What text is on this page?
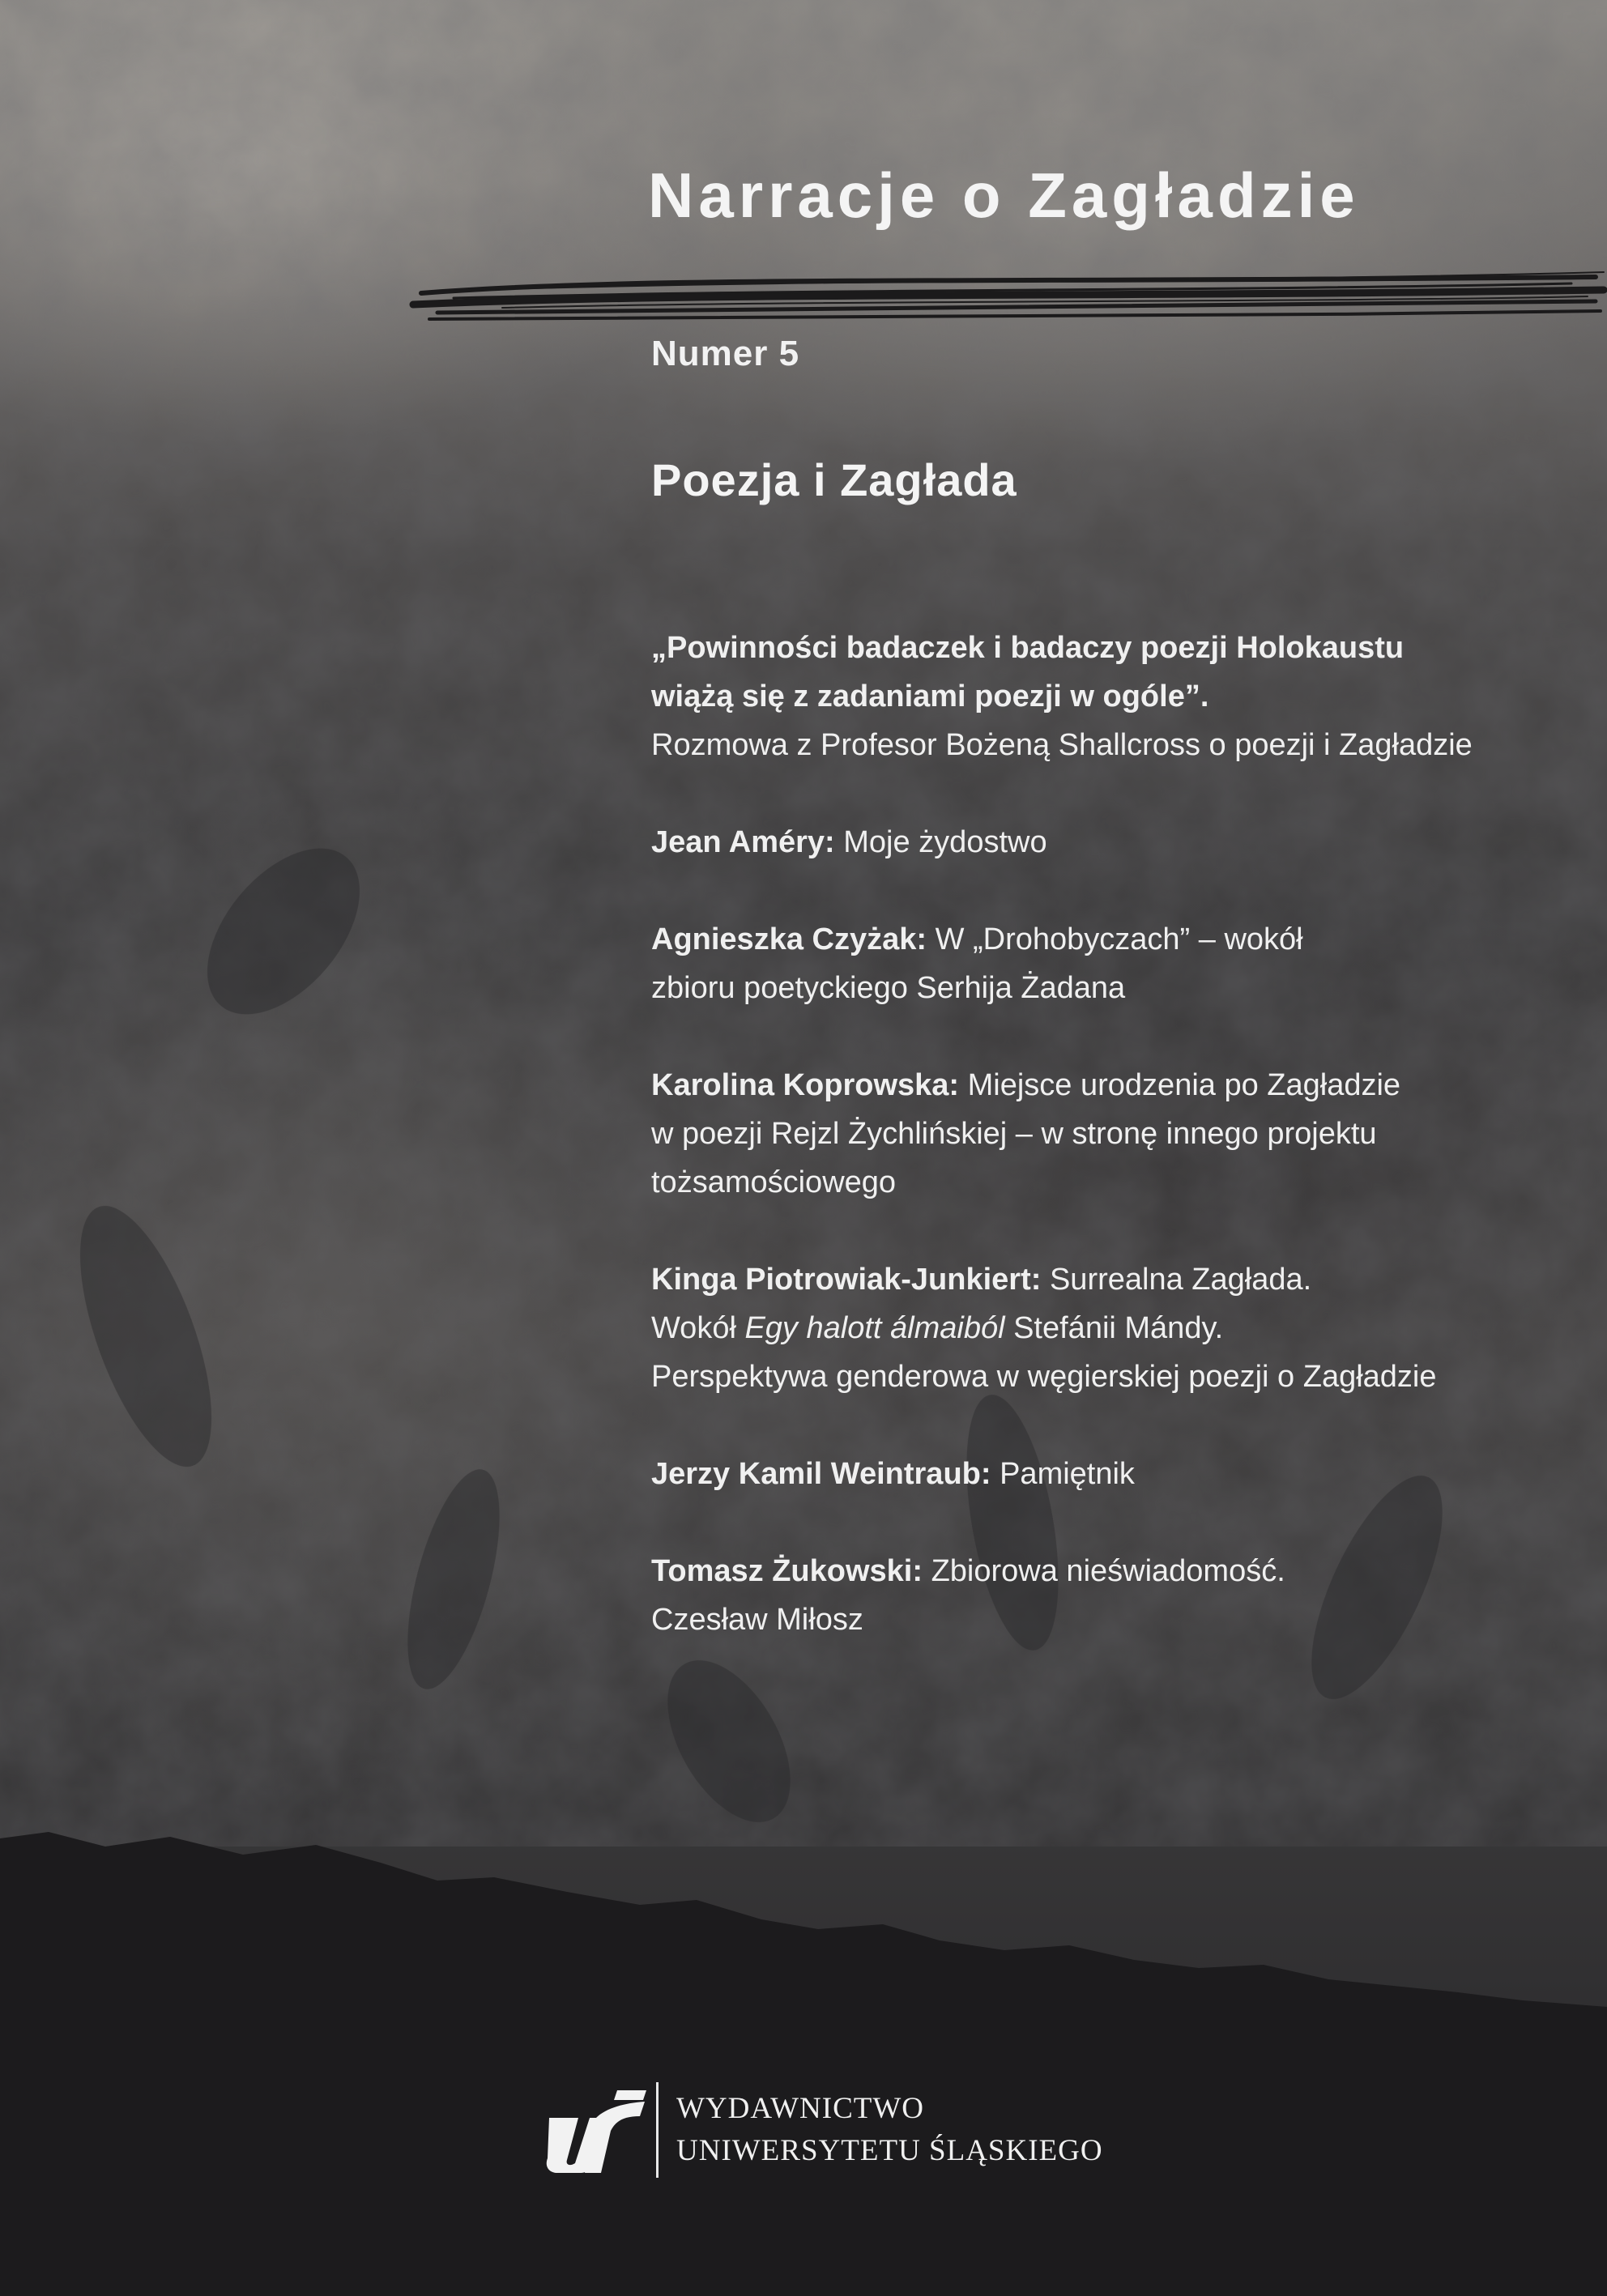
Narracje o Zagładzie
Numer 5
Poezja i Zagłada
„Powinności badaczek i badaczy poezji Holokaustu
wiążą się z zadaniami poezji w ogóle”.
Rozmowa z Profesor Bożeną Shallcross o poezji i Zagładzie
Jean Améry: Moje żydostwo
Agnieszka Czyżak: W „Drohobyczach” – wokół
zbioru poetyckiego Serhija Żadana
Karolina Koprowska: Miejsce urodzenia po Zagładzie
w poezji Rejzl Żychlińskiej – w stronę innego projektu
tożsamościowego
Kinga Piotrowiak-Junkiert: Surrealna Zagłada.
Wokół Egy halott álmaiból Stefánii Mándy.
Perspektywa genderowa w węgierskiej poezji o Zagładzie
Jerzy Kamil Weintraub: Pamiętnik
Tomasz Żukowski: Zbiorowa nieświadomość.
Czesław Miłosz
WYDAWNICTWO
UNIWERSYTETU ŚLĄSKIEGO
